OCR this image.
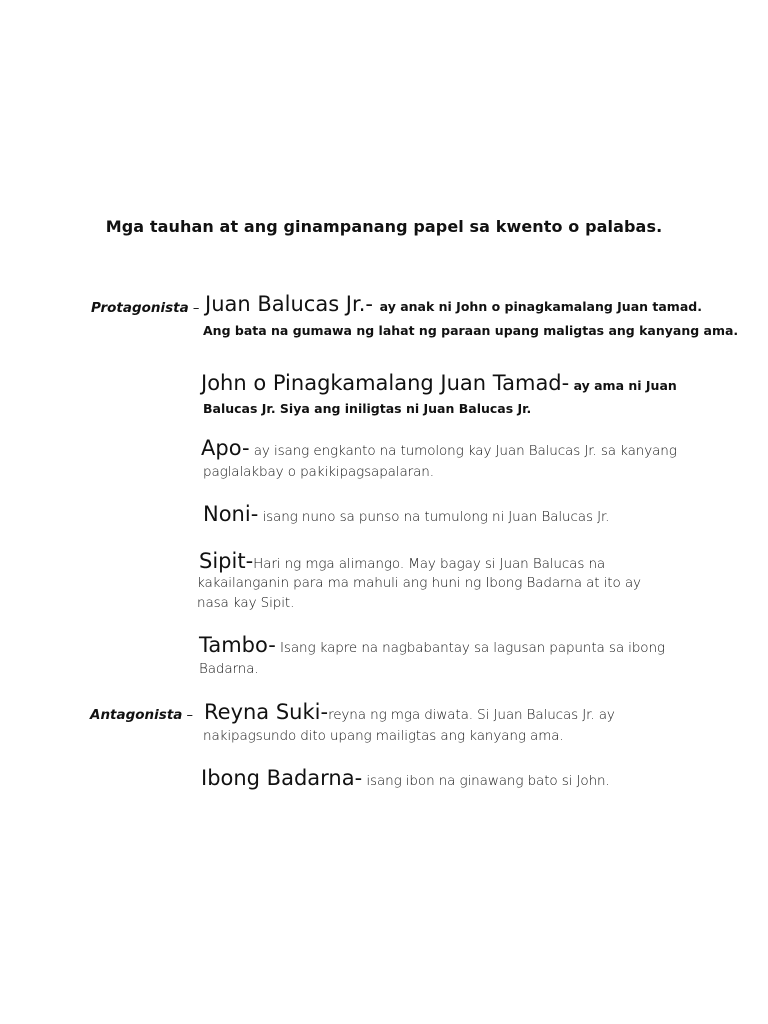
Mga tauhan at ang ginampanang papel sa kwento o palabas.
Protagonista – Juan Balucas Jr.- ay anak ni John o pinagkamalang Juan tamad.
Ang bata na gumawa ng lahat ng paraan upang maligtas ang kanyang ama.
John o Pinagkamalang Juan Tamad- ay ama ni Juan
Balucas Jr. Siya ang iniligtas ni Juan Balucas Jr.
Apo- ay isang engkanto na tumolong kay Juan Balucas Jr. sa kanyang
paglalakbay o pakikipagsapalaran.
Noni- isang nuno sa punso na tumulong ni Juan Balucas Jr.
Sipit-Hari ng mga alimango. May bagay si Juan Balucas na
kakailanganin para ma mahuli ang huni ng Ibong Badarna at ito ay
nasa kay Sipit.
Tambo- Isang kapre na nagbabantay sa lagusan papunta sa ibong
Badarna.
Antagonista – Reyna Suki-reyna ng mga diwata. Si Juan Balucas Jr. ay
nakipagsundo dito upang mailigtas ang kanyang ama.
Ibong Badarna- isang ibon na ginawang bato si John.
